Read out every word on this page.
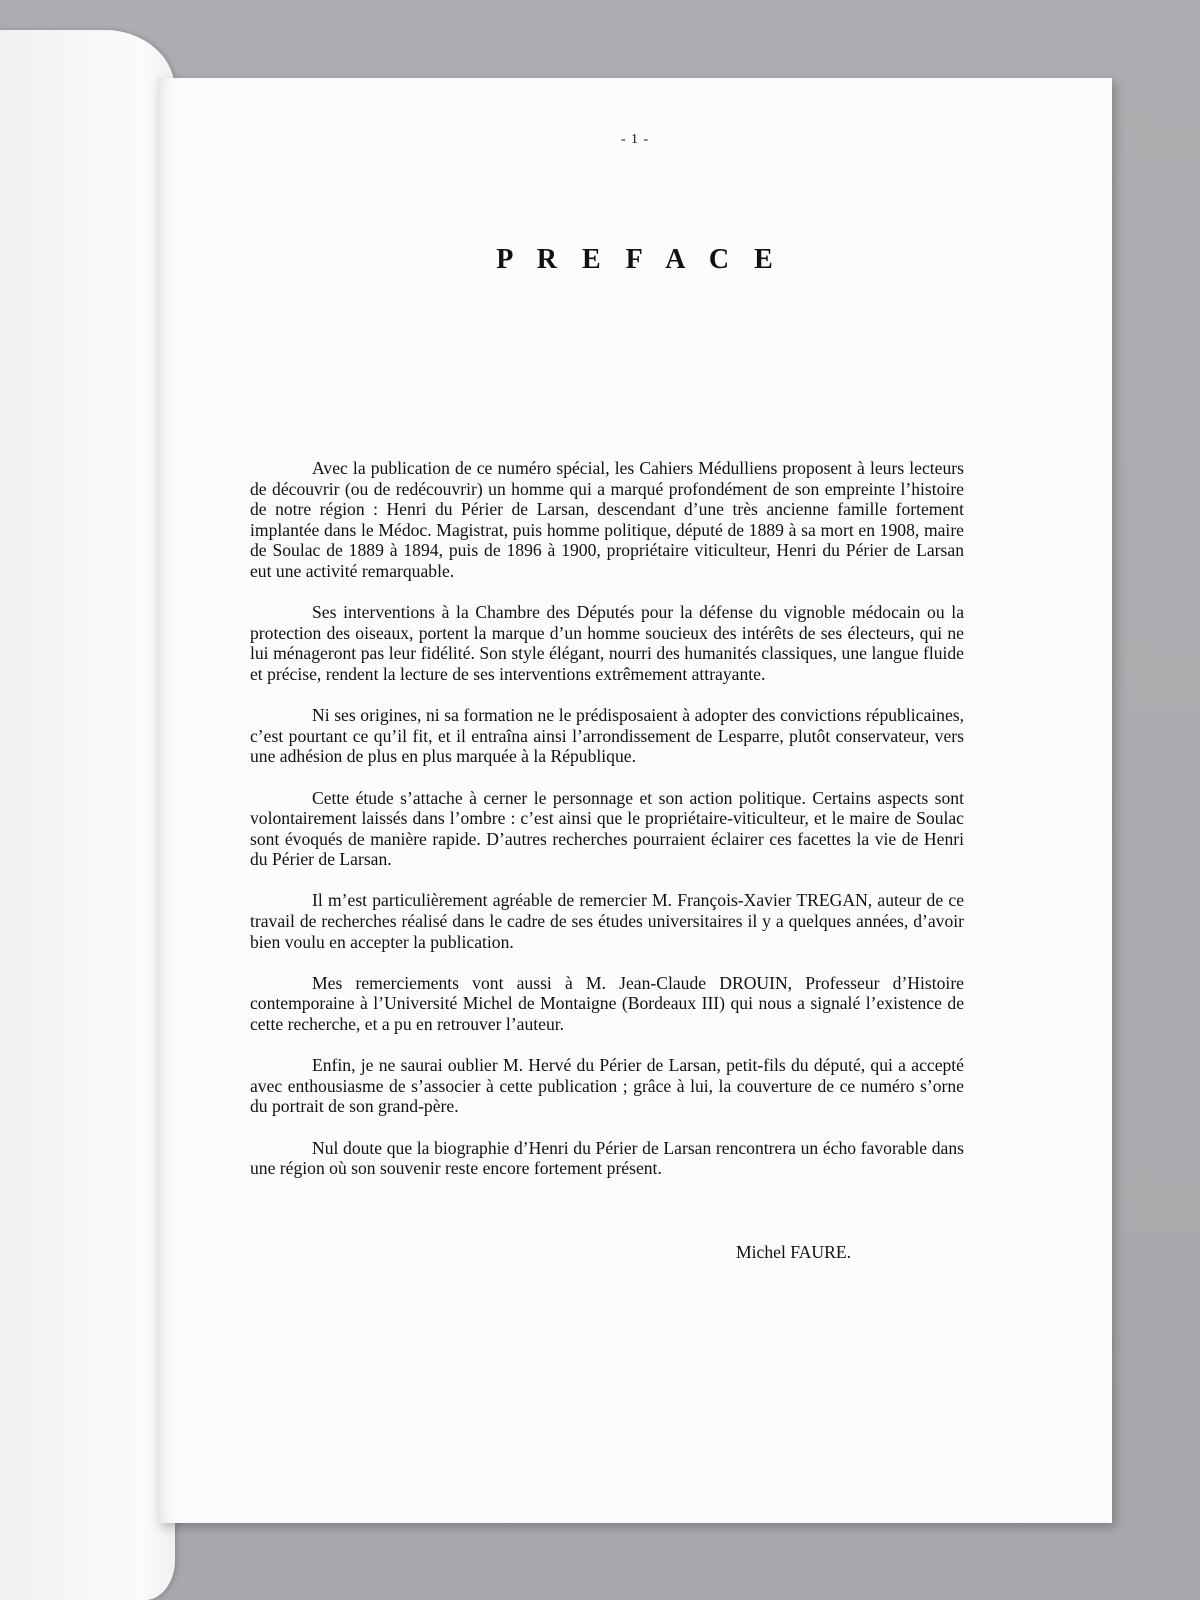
- 1 -
P R E F A C E

Avec la publication de ce numéro spécial, les Cahiers Médulliens proposent à leurs lecteurs de découvrir (ou de redécouvrir) un homme qui a marqué profondément de son empreinte l’histoire de notre région : Henri du Périer de Larsan, descendant d’une très ancienne famille fortement implantée dans le Médoc. Magistrat, puis homme politique, député de 1889 à sa mort en 1908, maire de Soulac de 1889 à 1894, puis de 1896 à 1900, propriétaire viticulteur, Henri du Périer de Larsan eut une activité remarquable.

Ses interventions à la Chambre des Députés pour la défense du vignoble médocain ou la protection des oiseaux, portent la marque d’un homme soucieux des intérêts de ses électeurs, qui ne lui ménageront pas leur fidélité. Son style élégant, nourri des humanités classiques, une langue fluide et précise, rendent la lecture de ses interventions extrêmement attrayante.

Ni ses origines, ni sa formation ne le prédisposaient à adopter des convictions républicaines, c’est pourtant ce qu’il fit, et il entraîna ainsi l’arrondissement de Lesparre, plutôt conservateur, vers une adhésion de plus en plus marquée à la République.

Cette étude s’attache à cerner le personnage et son action politique. Certains aspects sont volontairement laissés dans l’ombre : c’est ainsi que le propriétaire-viticulteur, et le maire de Soulac sont évoqués de manière rapide. D’autres recherches pourraient éclairer ces facettes la vie de Henri du Périer de Larsan.

Il m’est particulièrement agréable de remercier M. François-Xavier TREGAN, auteur de ce travail de recherches réalisé dans le cadre de ses études universitaires il y a quelques années, d’avoir bien voulu en accepter la publication.

Mes remerciements vont aussi à M. Jean-Claude DROUIN, Professeur d’Histoire contemporaine à l’Université Michel de Montaigne (Bordeaux III) qui nous a signalé l’existence de cette recherche, et a pu en retrouver l’auteur.

Enfin, je ne saurai oublier M. Hervé du Périer de Larsan, petit-fils du député, qui a accepté avec enthousiasme de s’associer à cette publication ; grâce à lui, la couverture de ce numéro s’orne du portrait de son grand-père.

Nul doute que la biographie d’Henri du Périer de Larsan rencontrera un écho favorable dans une région où son souvenir reste encore fortement présent.

Michel FAURE.
